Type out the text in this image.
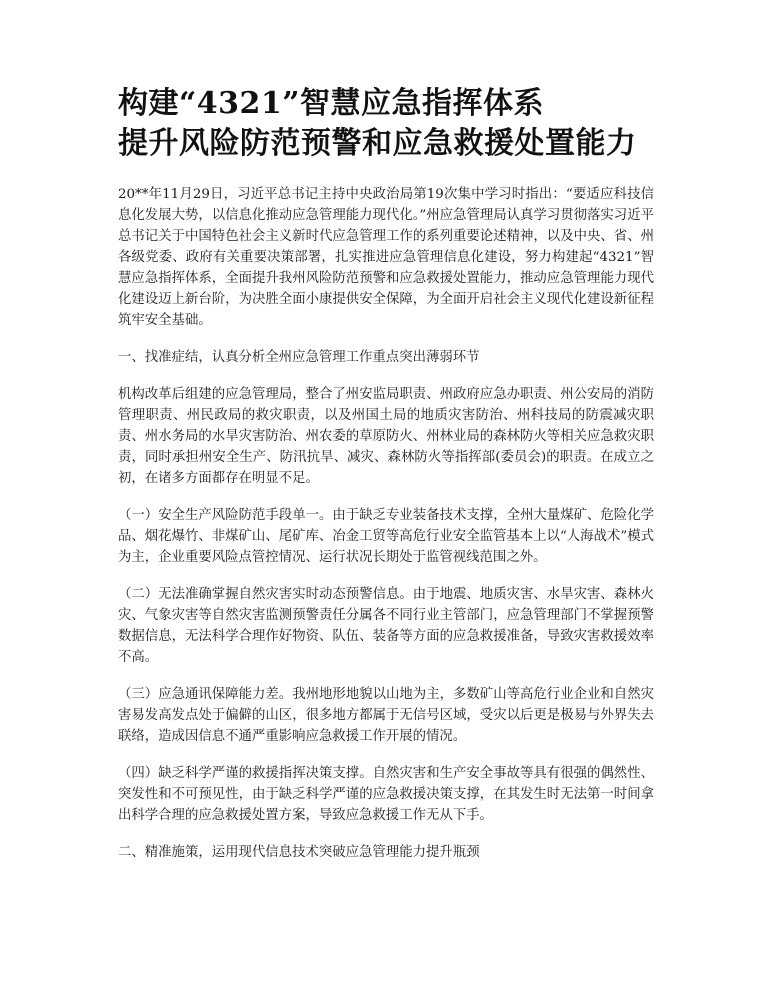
构建“4321”智慧应急指挥体系
提升风险防范预警和应急救援处置能力

20**年11月29日，习近平总书记主持中央政治局第19次集中学习时指出：“要适应科技信息化发展大势，以信息化推动应急管理能力现代化。”州应急管理局认真学习贯彻落实习近平总书记关于中国特色社会主义新时代应急管理工作的系列重要论述精神，以及中央、省、州各级党委、政府有关重要决策部署，扎实推进应急管理信息化建设，努力构建起“4321”智慧应急指挥体系，全面提升我州风险防范预警和应急救援处置能力，推动应急管理能力现代化建设迈上新台阶，为决胜全面小康提供安全保障，为全面开启社会主义现代化建设新征程筑牢安全基础。

一、找准症结，认真分析全州应急管理工作重点突出薄弱环节

机构改革后组建的应急管理局，整合了州安监局职责、州政府应急办职责、州公安局的消防管理职责、州民政局的救灾职责，以及州国土局的地质灾害防治、州科技局的防震减灾职责、州水务局的水旱灾害防治、州农委的草原防火、州林业局的森林防火等相关应急救灾职责，同时承担州安全生产、防汛抗旱、减灾、森林防火等指挥部(委员会)的职责。在成立之初，在诸多方面都存在明显不足。

（一）安全生产风险防范手段单一。由于缺乏专业装备技术支撑，全州大量煤矿、危险化学品、烟花爆竹、非煤矿山、尾矿库、冶金工贸等高危行业安全监管基本上以“人海战术”模式为主，企业重要风险点管控情况、运行状况长期处于监管视线范围之外。

（二）无法准确掌握自然灾害实时动态预警信息。由于地震、地质灾害、水旱灾害、森林火灾、气象灾害等自然灾害监测预警责任分属各不同行业主管部门，应急管理部门不掌握预警数据信息，无法科学合理作好物资、队伍、装备等方面的应急救援准备，导致灾害救援效率不高。

（三）应急通讯保障能力差。我州地形地貌以山地为主，多数矿山等高危行业企业和自然灾害易发高发点处于偏僻的山区，很多地方都属于无信号区域，受灾以后更是极易与外界失去联络，造成因信息不通严重影响应急救援工作开展的情况。

（四）缺乏科学严谨的救援指挥决策支撑。自然灾害和生产安全事故等具有很强的偶然性、突发性和不可预见性，由于缺乏科学严谨的应急救援决策支撑，在其发生时无法第一时间拿出科学合理的应急救援处置方案，导致应急救援工作无从下手。

二、精准施策，运用现代信息技术突破应急管理能力提升瓶颈
